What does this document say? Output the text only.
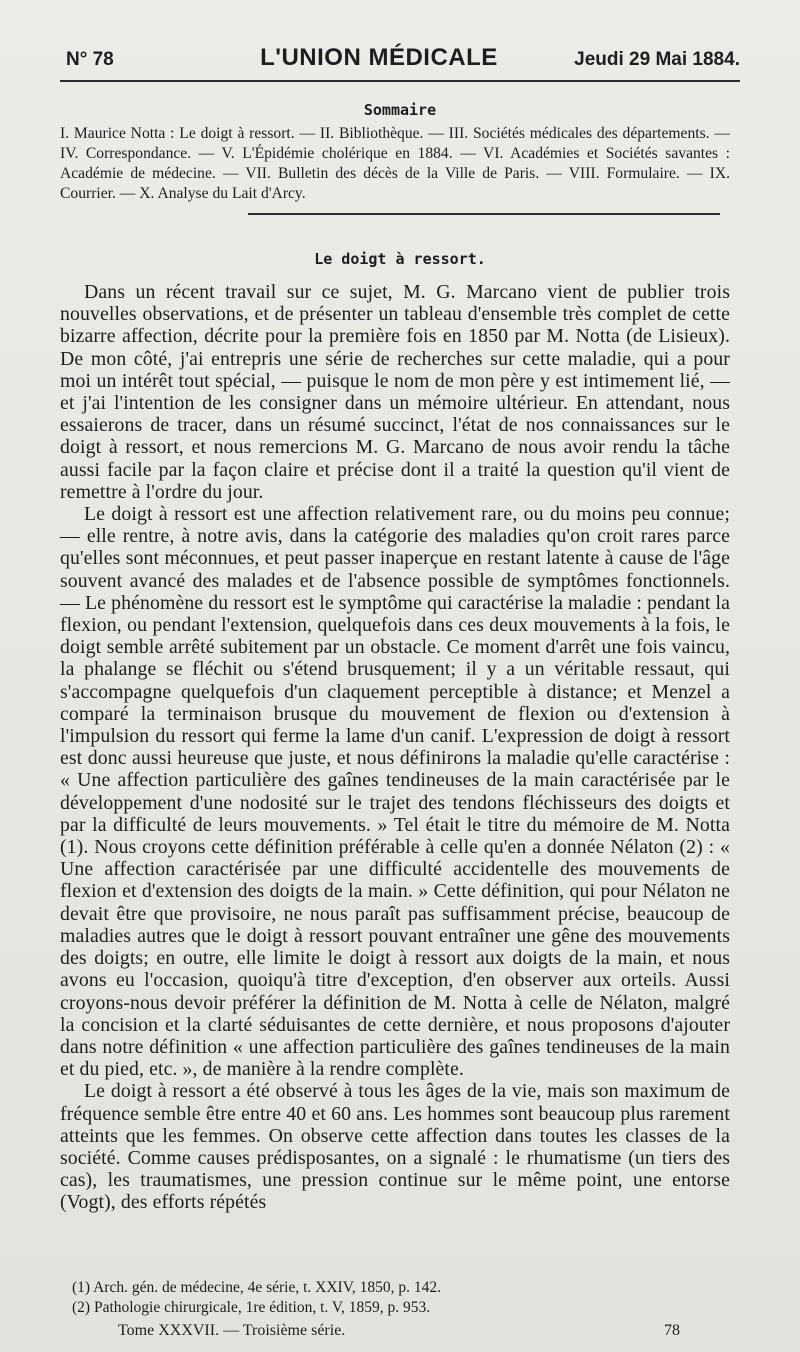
N° 78	L'UNION MÉDICALE	Jeudi 29 Mai 1884.
Sommaire
I. Maurice Notta : Le doigt à ressort. — II. Bibliothèque. — III. Sociétés médicales des départements. — IV. Correspondance. — V. L'Épidémie cholérique en 1884. — VI. Académies et Sociétés savantes : Académie de médecine. — VII. Bulletin des décès de la Ville de Paris. — VIII. Formulaire. — IX. Courrier. — X. Analyse du Lait d'Arcy.
Le doigt à ressort.

Dans un récent travail sur ce sujet, M. G. Marcano vient de publier trois nouvelles observations, et de présenter un tableau d'ensemble très complet de cette bizarre affection, décrite pour la première fois en 1850 par M. Notta (de Lisieux). De mon côté, j'ai entrepris une série de recherches sur cette maladie, qui a pour moi un intérêt tout spécial, — puisque le nom de mon père y est intimement lié, — et j'ai l'intention de les consigner dans un mémoire ultérieur. En attendant, nous essaierons de tracer, dans un résumé succinct, l'état de nos connaissances sur le doigt à ressort, et nous remercions M. G. Marcano de nous avoir rendu la tâche aussi facile par la façon claire et précise dont il a traité la question qu'il vient de remettre à l'ordre du jour.

Le doigt à ressort est une affection relativement rare, ou du moins peu connue; — elle rentre, à notre avis, dans la catégorie des maladies qu'on croit rares parce qu'elles sont méconnues, et peut passer inaperçue en restant latente à cause de l'âge souvent avancé des malades et de l'absence possible de symptômes fonctionnels. — Le phénomène du ressort est le symptôme qui caractérise la maladie : pendant la flexion, ou pendant l'extension, quelquefois dans ces deux mouvements à la fois, le doigt semble arrêté subitement par un obstacle. Ce moment d'arrêt une fois vaincu, la phalange se fléchit ou s'étend brusquement; il y a un véritable ressaut, qui s'accompagne quelquefois d'un claquement perceptible à distance; et Menzel a comparé la terminaison brusque du mouvement de flexion ou d'extension à l'impulsion du ressort qui ferme la lame d'un canif. L'expression de doigt à ressort est donc aussi heureuse que juste, et nous définirons la maladie qu'elle caractérise : « Une affection particulière des gaînes tendineuses de la main caractérisée par le développement d'une nodosité sur le trajet des tendons fléchisseurs des doigts et par la difficulté de leurs mouvements. » Tel était le titre du mémoire de M. Notta (1). Nous croyons cette définition préférable à celle qu'en a donnée Nélaton (2) : « Une affection caractérisée par une difficulté accidentelle des mouvements de flexion et d'extension des doigts de la main. » Cette définition, qui pour Nélaton ne devait être que provisoire, ne nous paraît pas suffisamment précise, beaucoup de maladies autres que le doigt à ressort pouvant entraîner une gêne des mouvements des doigts; en outre, elle limite le doigt à ressort aux doigts de la main, et nous avons eu l'occasion, quoiqu'à titre d'exception, d'en observer aux orteils. Aussi croyons-nous devoir préférer la définition de M. Notta à celle de Nélaton, malgré la concision et la clarté séduisantes de cette dernière, et nous proposons d'ajouter dans notre définition « une affection particulière des gaînes tendineuses de la main et du pied, etc. », de manière à la rendre complète.

Le doigt à ressort a été observé à tous les âges de la vie, mais son maximum de fréquence semble être entre 40 et 60 ans. Les hommes sont beaucoup plus rarement atteints que les femmes. On observe cette affection dans toutes les classes de la société. Comme causes prédisposantes, on a signalé : le rhumatisme (un tiers des cas), les traumatismes, une pression continue sur le même point, une entorse (Vogt), des efforts répétés

(1) Arch. gén. de médecine, 4e série, t. XXIV, 1850, p. 142.
(2) Pathologie chirurgicale, 1re édition, t. V, 1859, p. 953.
Tome XXXVII. — Troisième série.	78
